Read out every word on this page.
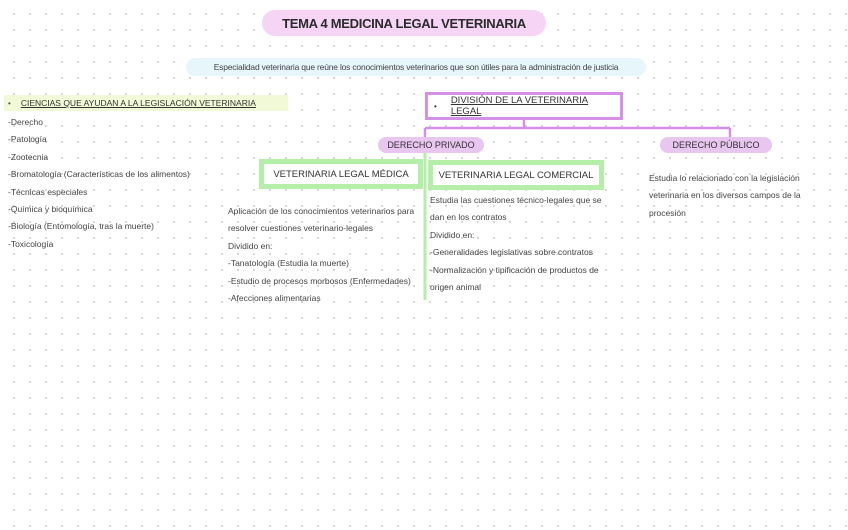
TEMA 4 MEDICINA LEGAL VETERINARIA
Especialidad veterinaria que reúne los conocimientos veterinarios que son útiles para la administración de justicia
• CIENCIAS QUE AYUDAN A LA LEGISLACIÓN VETERINARIA
-Derecho
-Patología
-Zootecnia
-Bromatología (Características de los alimentos)
-Técnicas especiales
-Química y bioquímica
-Biología (Entomología, tras la muerte)
-Toxicología
• DIVISIÓN DE LA VETERINARIA LEGAL
DERECHO PRIVADO	DERECHO PÚBLICO
VETERINARIA LEGAL MÉDICA	VETERINARIA LEGAL COMERCIAL
Aplicación de los conocimientos veterinarios para
resolver cuestiones veterinario-legales
Dividido en:
-Tanatología (Estudia la muerte)
-Estudio de procesos morbosos (Enfermedades)
-Afecciones alimentarias
Estudia las cuestiones técnico-legales que se
dan en los contratos
Dividido en:
-Generalidades legislativas sobre contratos
-Normalización y tipificación de productos de
origen animal
Estudia lo relacionado con la legislación
veterinaria en los diversos campos de la
procesión
